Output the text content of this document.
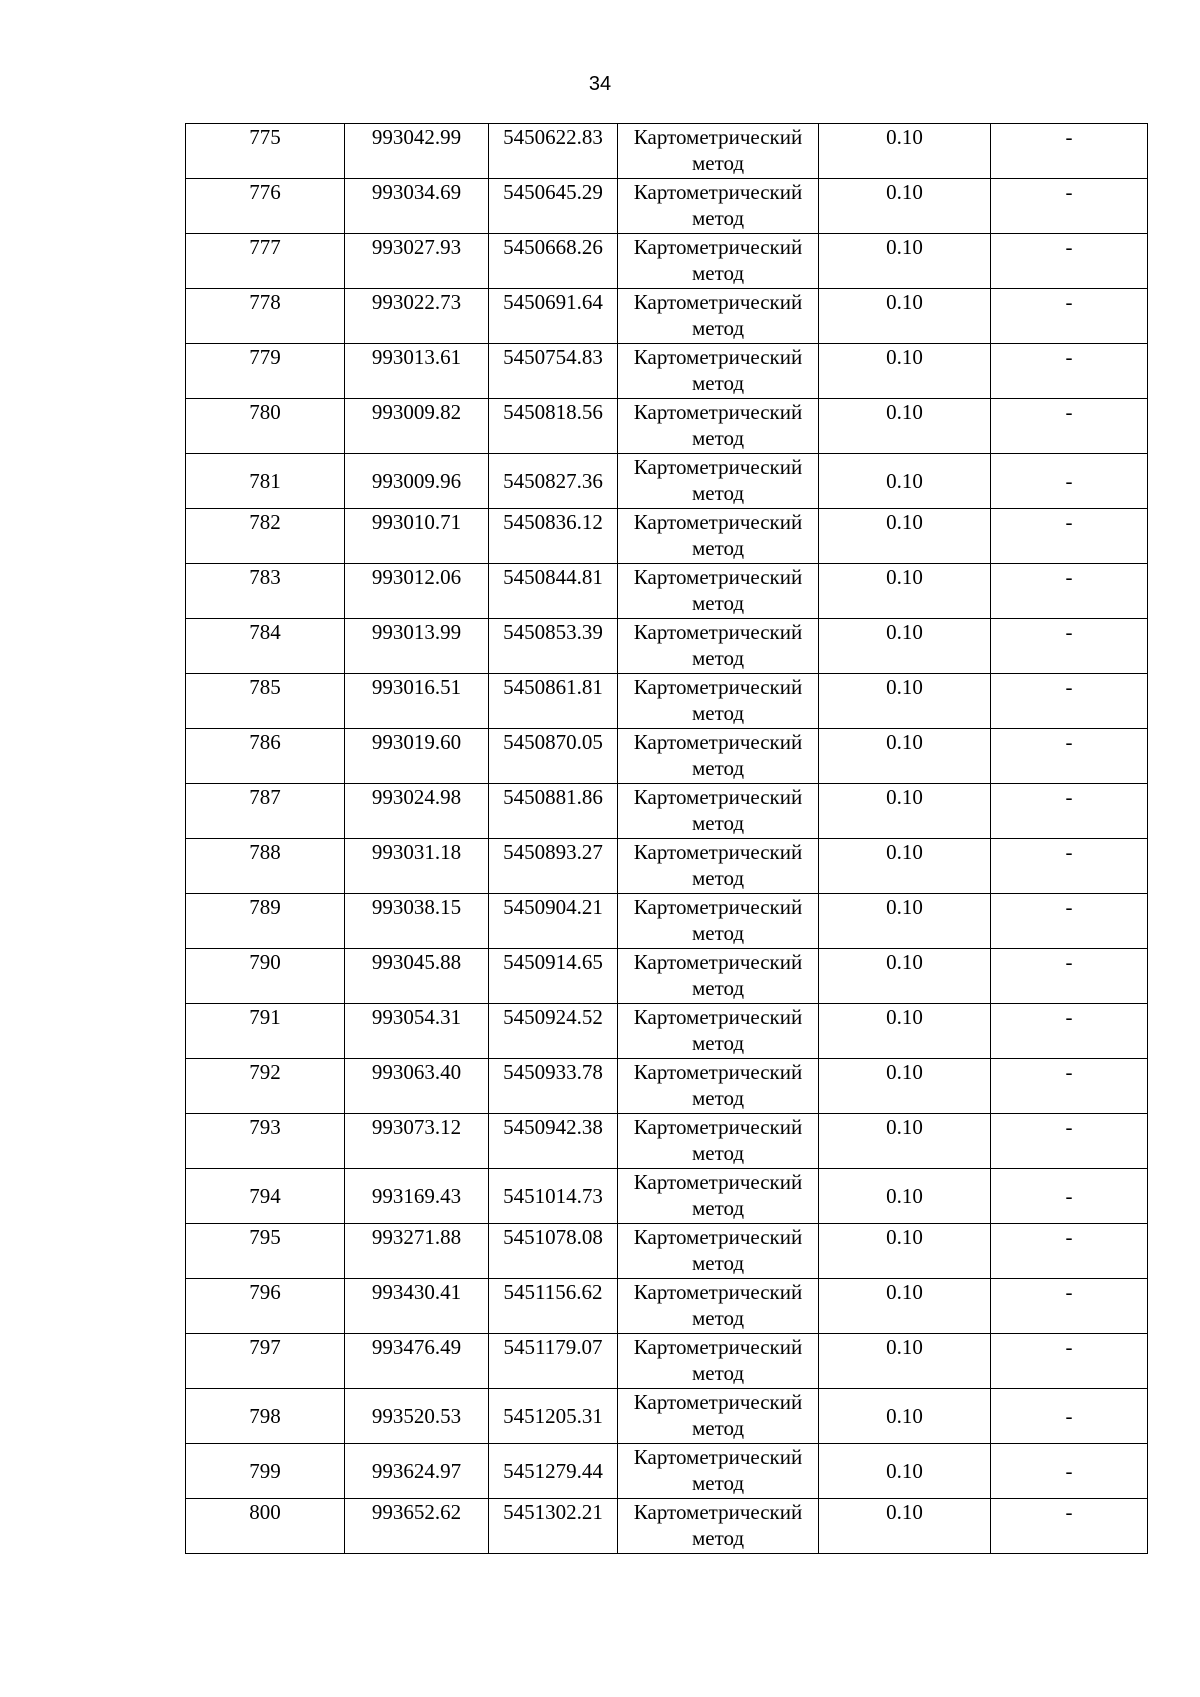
34
775	993042.99	5450622.83	Картометрический
метод	0.10	-
776	993034.69	5450645.29	Картометрический
метод	0.10	-
777	993027.93	5450668.26	Картометрический
метод	0.10	-
778	993022.73	5450691.64	Картометрический
метод	0.10	-
779	993013.61	5450754.83	Картометрический
метод	0.10	-
780	993009.82	5450818.56	Картометрический
метод	0.10	-
781	993009.96	5450827.36	Картометрический
метод	0.10	-
782	993010.71	5450836.12	Картометрический
метод	0.10	-
783	993012.06	5450844.81	Картометрический
метод	0.10	-
784	993013.99	5450853.39	Картометрический
метод	0.10	-
785	993016.51	5450861.81	Картометрический
метод	0.10	-
786	993019.60	5450870.05	Картометрический
метод	0.10	-
787	993024.98	5450881.86	Картометрический
метод	0.10	-
788	993031.18	5450893.27	Картометрический
метод	0.10	-
789	993038.15	5450904.21	Картометрический
метод	0.10	-
790	993045.88	5450914.65	Картометрический
метод	0.10	-
791	993054.31	5450924.52	Картометрический
метод	0.10	-
792	993063.40	5450933.78	Картометрический
метод	0.10	-
793	993073.12	5450942.38	Картометрический
метод	0.10	-
794	993169.43	5451014.73	Картометрический
метод	0.10	-
795	993271.88	5451078.08	Картометрический
метод	0.10	-
796	993430.41	5451156.62	Картометрический
метод	0.10	-
797	993476.49	5451179.07	Картометрический
метод	0.10	-
798	993520.53	5451205.31	Картометрический
метод	0.10	-
799	993624.97	5451279.44	Картометрический
метод	0.10	-
800	993652.62	5451302.21	Картометрический
метод	0.10	-
